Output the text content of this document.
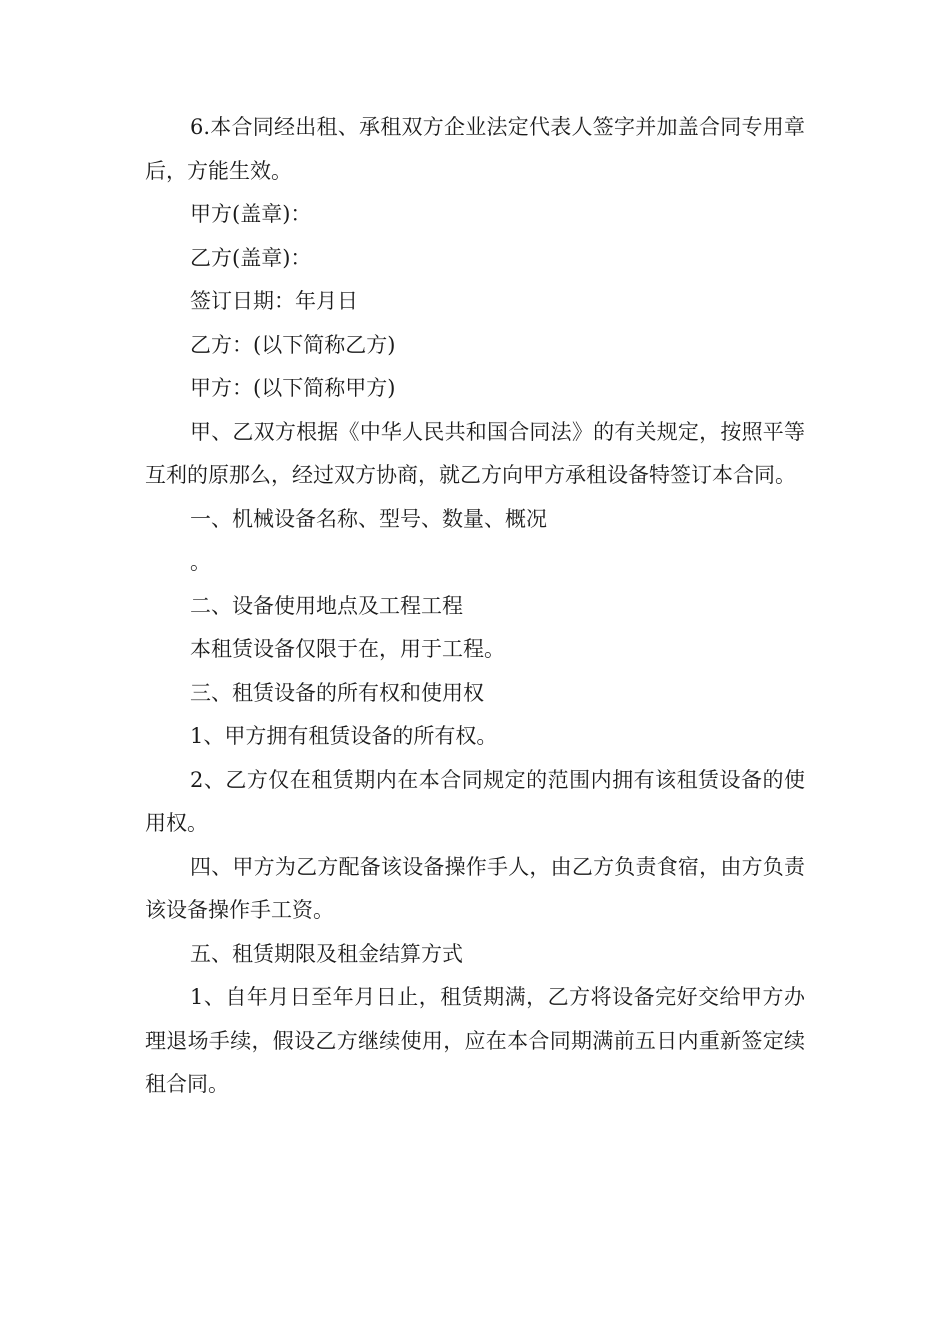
6.本合同经出租、承租双方企业法定代表人签字并加盖合同专用章后，方能生效。

甲方(盖章)：

乙方(盖章)：

签订日期：年月日

乙方：(以下简称乙方)

甲方：(以下简称甲方)

甲、乙双方根据《中华人民共和国合同法》的有关规定，按照平等互利的原那么，经过双方协商，就乙方向甲方承租设备特签订本合同。

一、机械设备名称、型号、数量、概况

。

二、设备使用地点及工程工程

本租赁设备仅限于在，用于工程。

三、租赁设备的所有权和使用权

1、甲方拥有租赁设备的所有权。

2、乙方仅在租赁期内在本合同规定的范围内拥有该租赁设备的使用权。

四、甲方为乙方配备该设备操作手人，由乙方负责食宿，由方负责该设备操作手工资。

五、租赁期限及租金结算方式

1、自年月日至年月日止，租赁期满，乙方将设备完好交给甲方办理退场手续，假设乙方继续使用，应在本合同期满前五日内重新签定续租合同。
